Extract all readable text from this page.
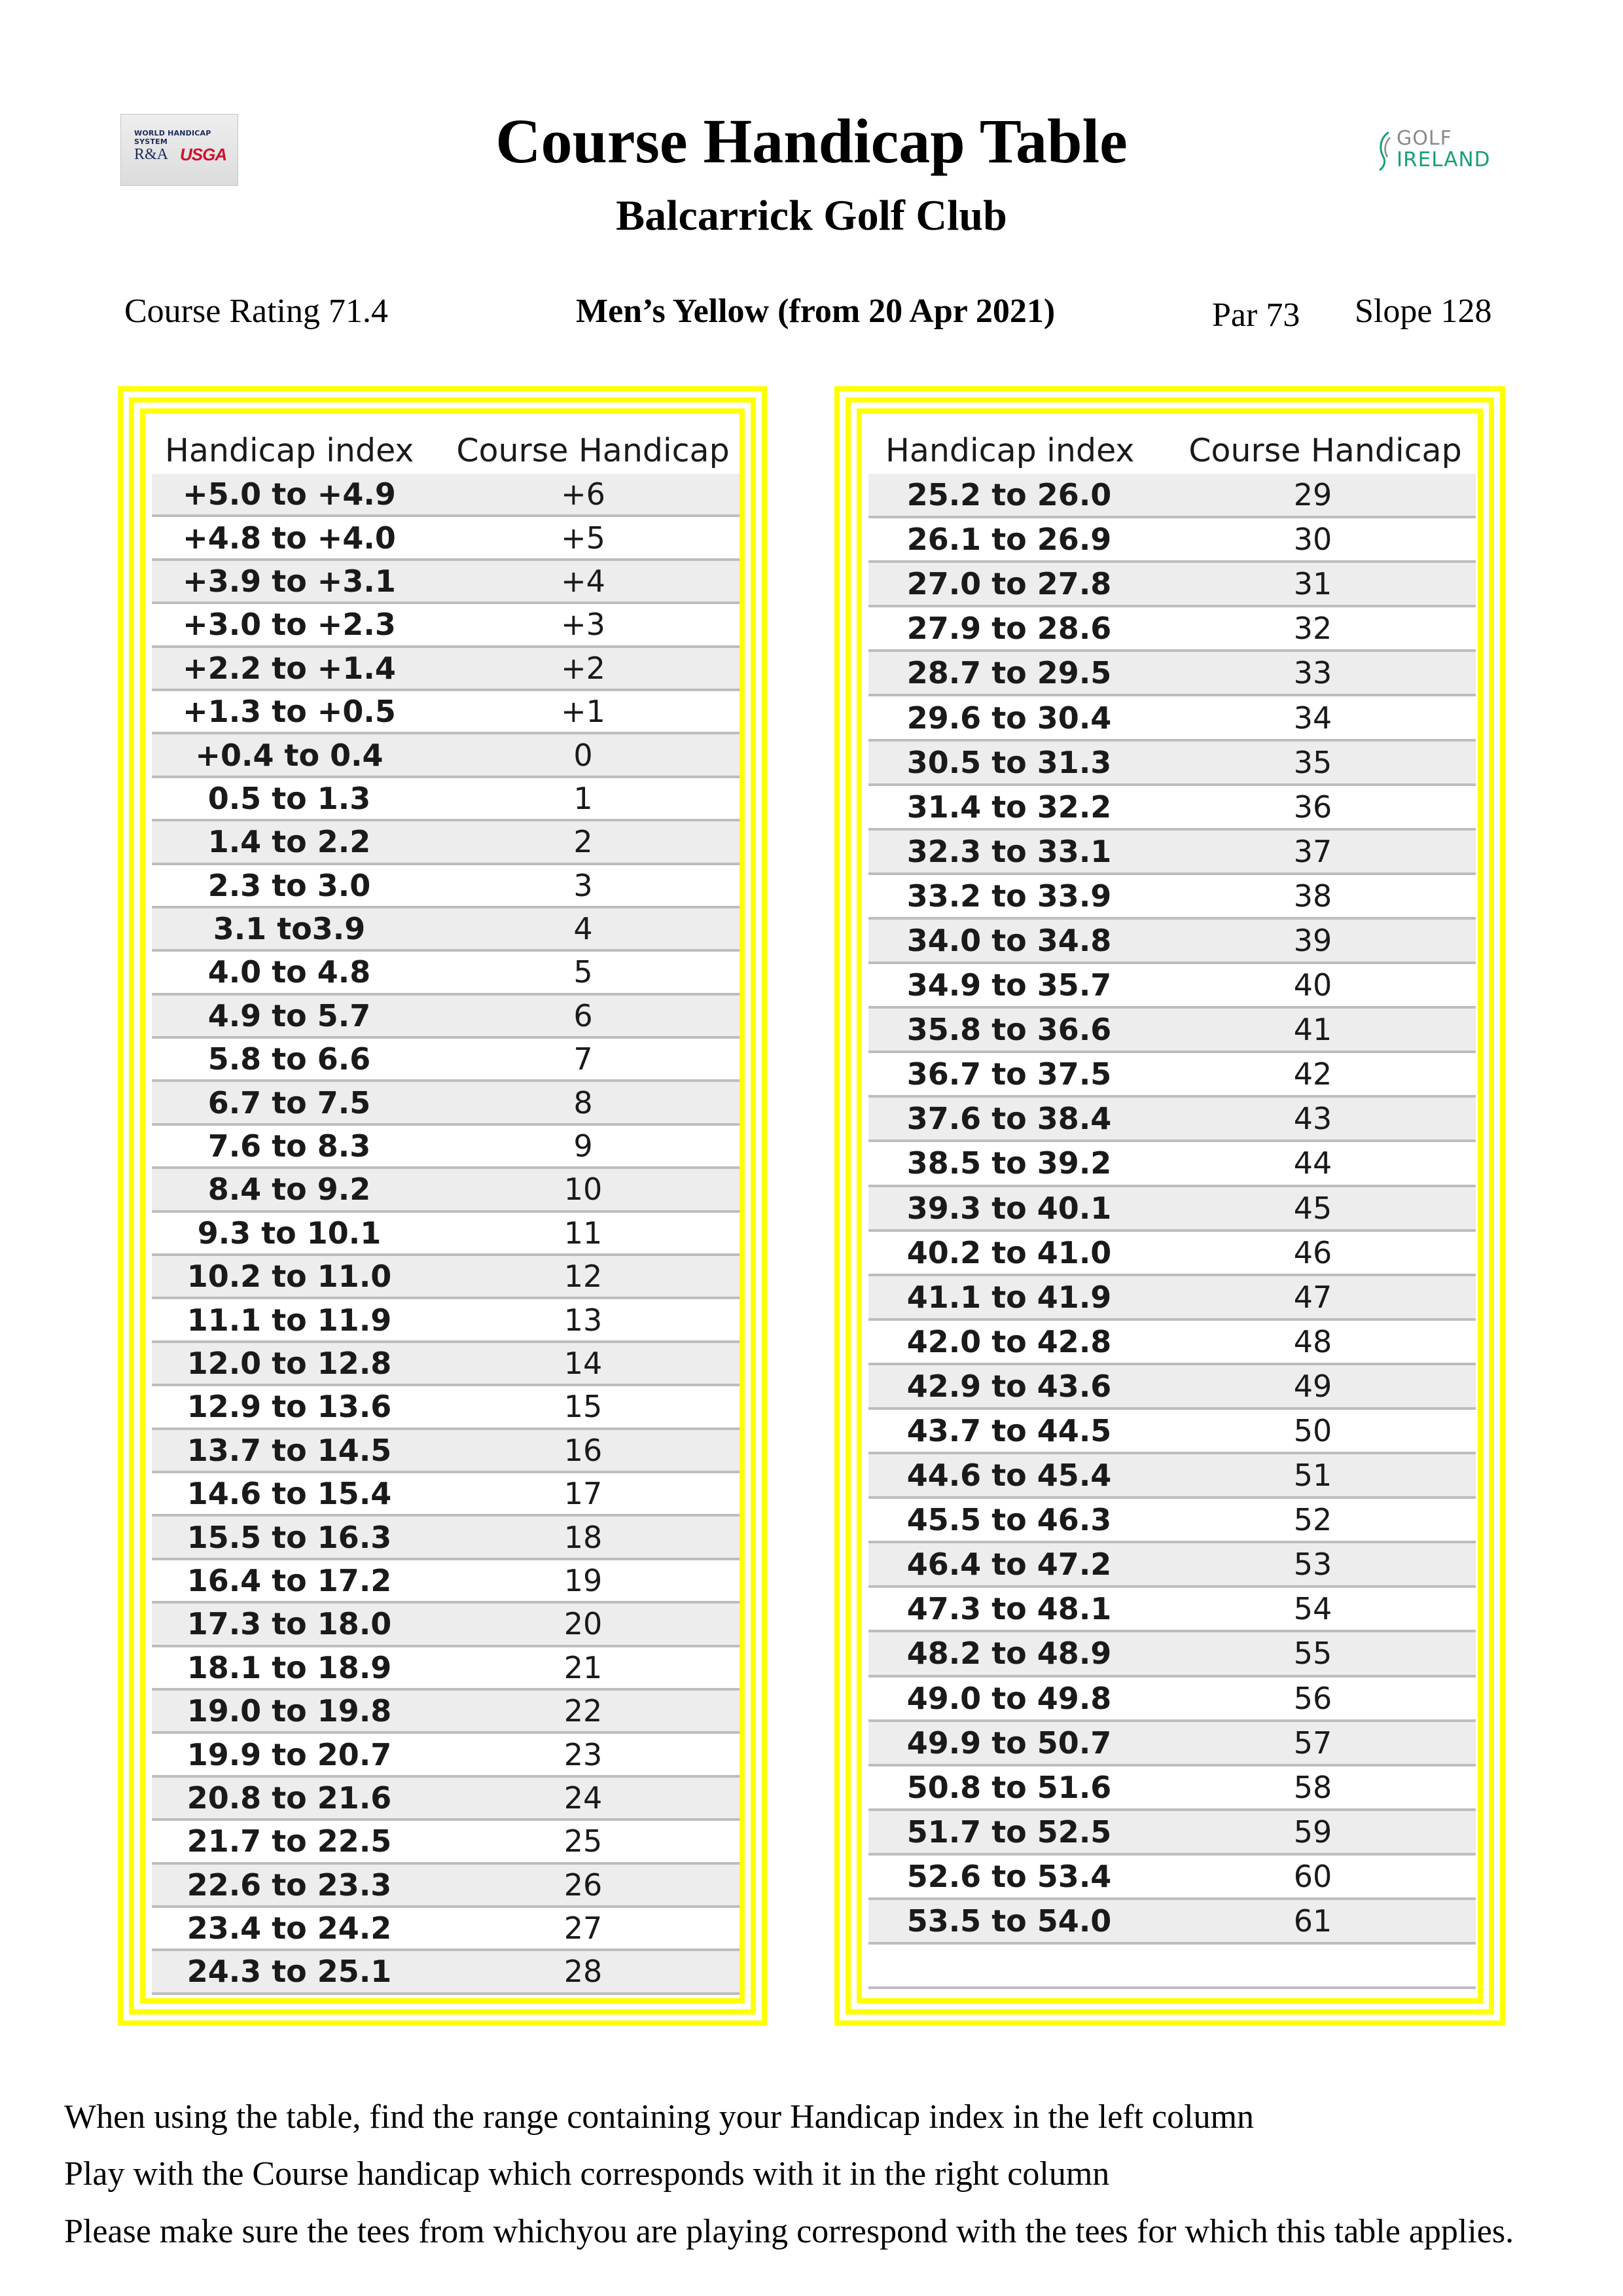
WORLD HANDICAP SYSTEM
R&A USGA
GOLF
IRELAND
Course Handicap Table
Balcarrick Golf Club
Course Rating 71.4	Men’s Yellow (from 20 Apr 2021)	Par 73 Slope 128
Handicap index	Course Handicap
+5.0 to +4.9	+6
+4.8 to +4.0	+5
+3.9 to +3.1	+4
+3.0 to +2.3	+3
+2.2 to +1.4	+2
+1.3 to +0.5	+1
+0.4 to 0.4	0
0.5 to 1.3	1
1.4 to 2.2	2
2.3 to 3.0	3
3.1 to3.9	4
4.0 to 4.8	5
4.9 to 5.7	6
5.8 to 6.6	7
6.7 to 7.5	8
7.6 to 8.3	9
8.4 to 9.2	10
9.3 to 10.1	11
10.2 to 11.0	12
11.1 to 11.9	13
12.0 to 12.8	14
12.9 to 13.6	15
13.7 to 14.5	16
14.6 to 15.4	17
15.5 to 16.3	18
16.4 to 17.2	19
17.3 to 18.0	20
18.1 to 18.9	21
19.0 to 19.8	22
19.9 to 20.7	23
20.8 to 21.6	24
21.7 to 22.5	25
22.6 to 23.3	26
23.4 to 24.2	27
24.3 to 25.1	28
Handicap index	Course Handicap
25.2 to 26.0	29
26.1 to 26.9	30
27.0 to 27.8	31
27.9 to 28.6	32
28.7 to 29.5	33
29.6 to 30.4	34
30.5 to 31.3	35
31.4 to 32.2	36
32.3 to 33.1	37
33.2 to 33.9	38
34.0 to 34.8	39
34.9 to 35.7	40
35.8 to 36.6	41
36.7 to 37.5	42
37.6 to 38.4	43
38.5 to 39.2	44
39.3 to 40.1	45
40.2 to 41.0	46
41.1 to 41.9	47
42.0 to 42.8	48
42.9 to 43.6	49
43.7 to 44.5	50
44.6 to 45.4	51
45.5 to 46.3	52
46.4 to 47.2	53
47.3 to 48.1	54
48.2 to 48.9	55
49.0 to 49.8	56
49.9 to 50.7	57
50.8 to 51.6	58
51.7 to 52.5	59
52.6 to 53.4	60
53.5 to 54.0	61
When using the table, find the range containing your Handicap index in the left column
Play with the Course handicap which corresponds with it in the right column
Please make sure the tees from whichyou are playing correspond with the tees for which this table applies.
